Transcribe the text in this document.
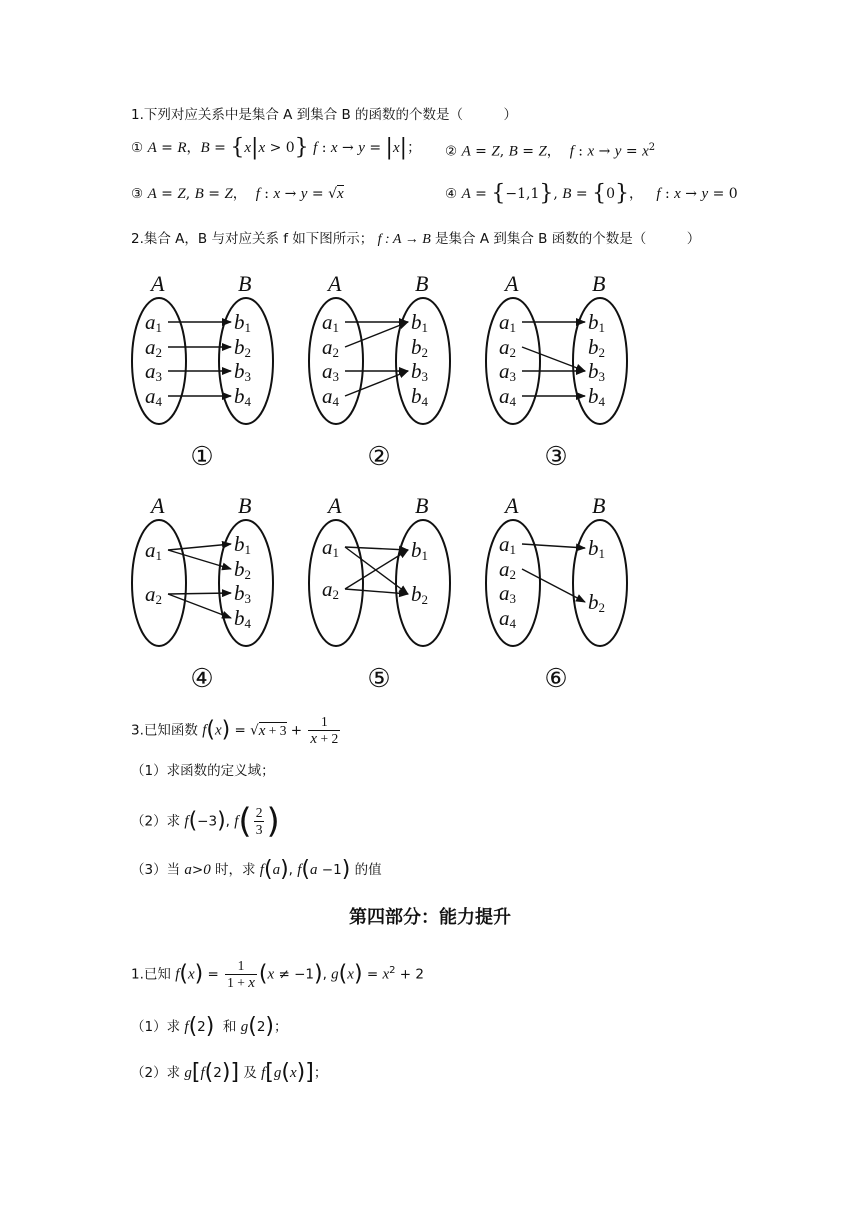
1.下列对应关系中是集合 A 到集合 B 的函数的个数是（　　　）
① A = R，B = {x|x > 0} f : x → y = |x|； ② A = Z, B = Z，  f : $x \to y = x^2$
③ A = Z, B = Z，  f : x → y = √x	④ A = {−1,1}, B = {0}，   f : x → y = 0
2.集合 A，B 与对应关系 f 如下图所示； f : A → B 是集合 A 到集合 B 函数的个数是（　　　）
A	B
a1
a2
a3
a4
b1
b2
b3
b4
①
A	B
a1
a2
a3
a4
b1
b2
b3
b4
②
A	B
a1
a2
a3
a4
b1
b2
b3
b4
③
A	B
a1
a2
b1
b2
b3
b4
④
A	B
a1
a2
b1
b2
⑤
A	B
a1
a2
a3
a4
b1
b2
⑥
3.已知函数 $f(x) = √x + 3 + \frac{1}{x + 2}$
（1）求函数的定义域；
（2）求 f(−3), $f( \frac{2}{3}$ )
（3）当 a>0 时，求 f(a), f(a −1) 的值
第四部分：能力提升
1.已知 $f(x) = \frac{1}{1 + x} (x \ne -1)$, $g(x) = x^2 + 2$
（1）求 f(2)  和 g(2)；
（2）求 g[f(2)] 及 f[g(x)]；
